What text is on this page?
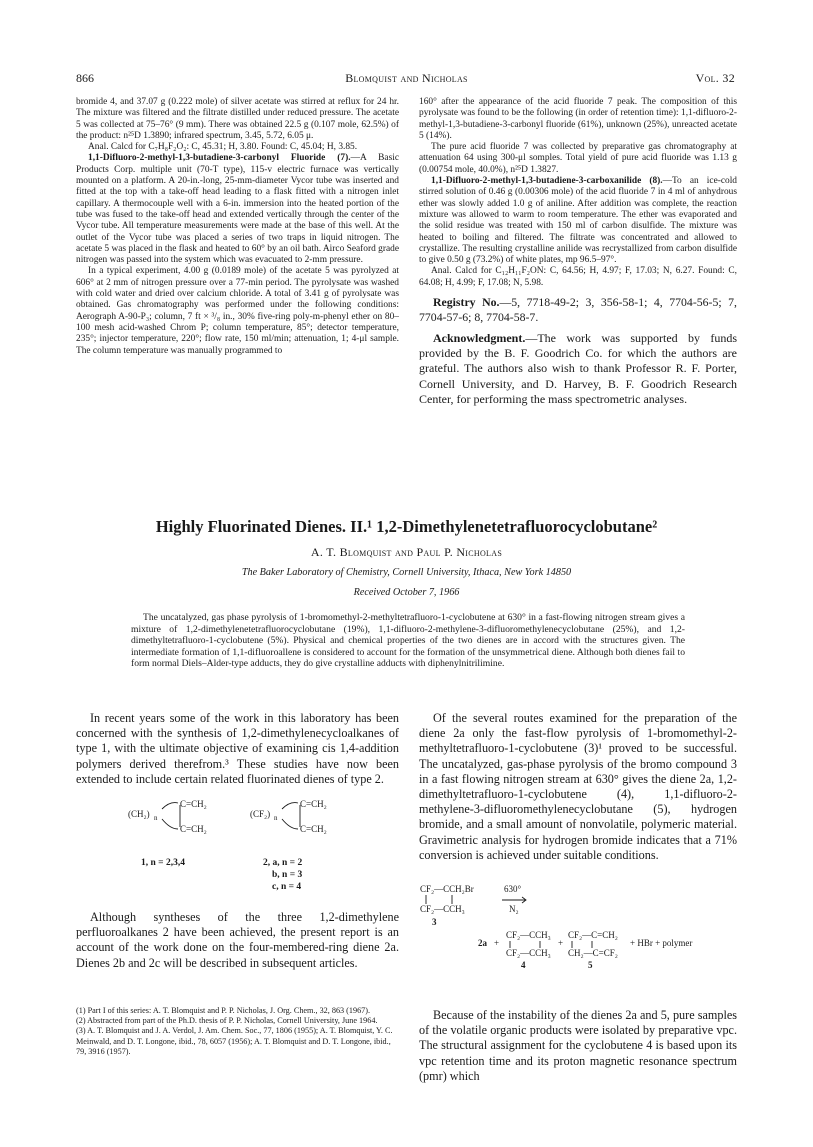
866	Blomquist and Nicholas	Vol. 32

bromide 4, and 37.07 g (0.222 mole) of silver acetate was stirred at reflux for 24 hr. The mixture was filtered and the filtrate distilled under reduced pressure. The acetate 5 was collected at 75–76° (9 mm). There was obtained 22.5 g (0.107 mole, 62.5%) of the product: n²⁵D 1.3890; infrared spectrum, 3.45, 5.72, 6.05 μ.

Anal. Calcd for C₇H₈F₂O₂: C, 45.31; H, 3.80. Found: C, 45.04; H, 3.85.

1,1-Difluoro-2-methyl-1,3-butadiene-3-carbonyl Fluoride (7).—A Basic Products Corp. multiple unit (70-T type), 115-v electric furnace was vertically mounted on a platform. A 20-in.-long, 25-mm-diameter Vycor tube was inserted and fitted at the top with a take-off head leading to a flask fitted with a nitrogen inlet capillary. A thermocouple well with a 6-in. immersion into the heated portion of the tube was fused to the take-off head and extended vertically through the center of the Vycor tube. All temperature measurements were made at the base of this well. At the outlet of the Vycor tube was placed a series of two traps in liquid nitrogen. The acetate 5 was placed in the flask and heated to 60° by an oil bath. Airco Seaford grade nitrogen was passed into the system which was evacuated to 2-mm pressure.

In a typical experiment, 4.00 g (0.0189 mole) of the acetate 5 was pyrolyzed at 606° at 2 mm of nitrogen pressure over a 77-min period. The pyrolysate was washed with cold water and dried over calcium chloride. A total of 3.41 g of pyrolysate was obtained. Gas chromatography was performed under the following conditions: Aerograph A-90-P₃; column, 7 ft × ³/₈ in., 30% five-ring poly-m-phenyl ether on 80–100 mesh acid-washed Chrom P; column temperature, 85°; detector temperature, 235°; injector temperature, 220°; flow rate, 150 ml/min; attenuation, 1; 4-μl sample. The column temperature was manually programmed to

160° after the appearance of the acid fluoride 7 peak. The composition of this pyrolysate was found to be the following (in order of retention time): 1,1-difluoro-2-methyl-1,3-butadiene-3-carbonyl fluoride (61%), unknown (25%), unreacted acetate 5 (14%).

The pure acid fluoride 7 was collected by preparative gas chromatography at attenuation 64 using 300-μl somples. Total yield of pure acid fluoride was 1.13 g (0.00754 mole, 40.0%), n²⁵D 1.3827.

1,1-Difluoro-2-methyl-1,3-butadiene-3-carboxanilide (8).—To an ice-cold stirred solution of 0.46 g (0.00306 mole) of the acid fluoride 7 in 4 ml of anhydrous ether was slowly added 1.0 g of aniline. After addition was complete, the reaction mixture was allowed to warm to room temperature. The ether was evaporated and the solid residue was treated with 150 ml of carbon disulfide. The mixture was heated to boiling and filtered. The filtrate was concentrated and allowed to crystallize. The resulting crystalline anilide was recrystallized from carbon disulfide to give 0.50 g (73.2%) of white plates, mp 96.5–97°.

Anal. Calcd for C₁₂H₁₁F₂ON: C, 64.56; H, 4.97; F, 17.03; N, 6.27. Found: C, 64.08; H, 4.99; F, 17.08; N, 5.98.

Registry No.—5, 7718-49-2; 3, 356-58-1; 4, 7704-56-5; 7, 7704-57-6; 8, 7704-58-7.

Acknowledgment.—The work was supported by funds provided by the B. F. Goodrich Co. for which the authors are grateful. The authors also wish to thank Professor R. F. Porter, Cornell University, and D. Harvey, B. F. Goodrich Research Center, for performing the mass spectrometric analyses.

Highly Fluorinated Dienes. II.¹ 1,2-Dimethylenetetrafluorocyclobutane²
A. T. Blomquist and Paul P. Nicholas
The Baker Laboratory of Chemistry, Cornell University, Ithaca, New York 14850
Received October 7, 1966

The uncatalyzed, gas phase pyrolysis of 1-bromomethyl-2-methyltetrafluoro-1-cyclobutene at 630° in a fast-flowing nitrogen stream gives a mixture of 1,2-dimethylenetetrafluorocyclobutane (19%), 1,1-difluoro-2-methylene-3-difluoromethylenecyclobutane (25%), and 1,2-dimethyltetrafluoro-1-cyclobutene (5%). Physical and chemical properties of the two dienes are in accord with the structures given. The intermediate formation of 1,1-difluoroallene is considered to account for the formation of the unsymmetrical diene. Although both dienes fail to form normal Diels–Alder-type adducts, they do give crystalline adducts with diphenylnitrilimine.

In recent years some of the work in this laboratory has been concerned with the synthesis of 1,2-dimethylenecycloalkanes of type 1, with the ultimate objective of examining cis 1,4-addition polymers derived therefrom.³ These studies have now been extended to include certain related fluorinated dienes of type 2.

(CH₂) n
C=CH₂
C=CH₂
(CF₂) n
C=CH₂
C=CH₂
1, n = 2,3,4	2, a, n = 2
b, n = 3
c, n = 4

Although syntheses of the three 1,2-dimethylene perfluoroalkanes 2 have been achieved, the present report is an account of the work done on the four-membered-ring diene 2a. Dienes 2b and 2c will be described in subsequent articles.

(1) Part I of this series: A. T. Blomquist and P. P. Nicholas, J. Org. Chem., 32, 863 (1967).

(2) Abstracted from part of the Ph.D. thesis of P. P. Nicholas, Cornell University, June 1964.

(3) A. T. Blomquist and J. A. Verdol, J. Am. Chem. Soc., 77, 1806 (1955); A. T. Blomquist, Y. C. Meinwald, and D. T. Longone, ibid., 78, 6057 (1956); A. T. Blomquist and D. T. Longone, ibid., 79, 3916 (1957).

Of the several routes examined for the preparation of the diene 2a only the fast-flow pyrolysis of 1-bromomethyl-2-methyltetrafluoro-1-cyclobutene (3)¹ proved to be successful. The uncatalyzed, gas-phase pyrolysis of the bromo compound 3 in a fast flowing nitrogen stream at 630° gives the diene 2a, 1,2-dimethyltetrafluoro-1-cyclobutene (4), 1,1-difluoro-2-methylene-3-difluoromethylenecyclobutane (5), hydrogen bromide, and a small amount of nonvolatile, polymeric material. Gravimetric analysis for hydrogen bromide indicates that a 71% conversion is achieved under suitable conditions.

CF₂—CCH₂Br
CF₂—CCH₃
3
630°
N₂
2a +
CF₂—CCH₃
CF₂—CCH₃
4
+
CF₂—C=CH₂
CH₂—C=CF₂
5
+ HBr + polymer

Because of the instability of the dienes 2a and 5, pure samples of the volatile organic products were isolated by preparative vpc. The structural assignment for the cyclobutene 4 is based upon its vpc retention time and its proton magnetic resonance spectrum (pmr) which
